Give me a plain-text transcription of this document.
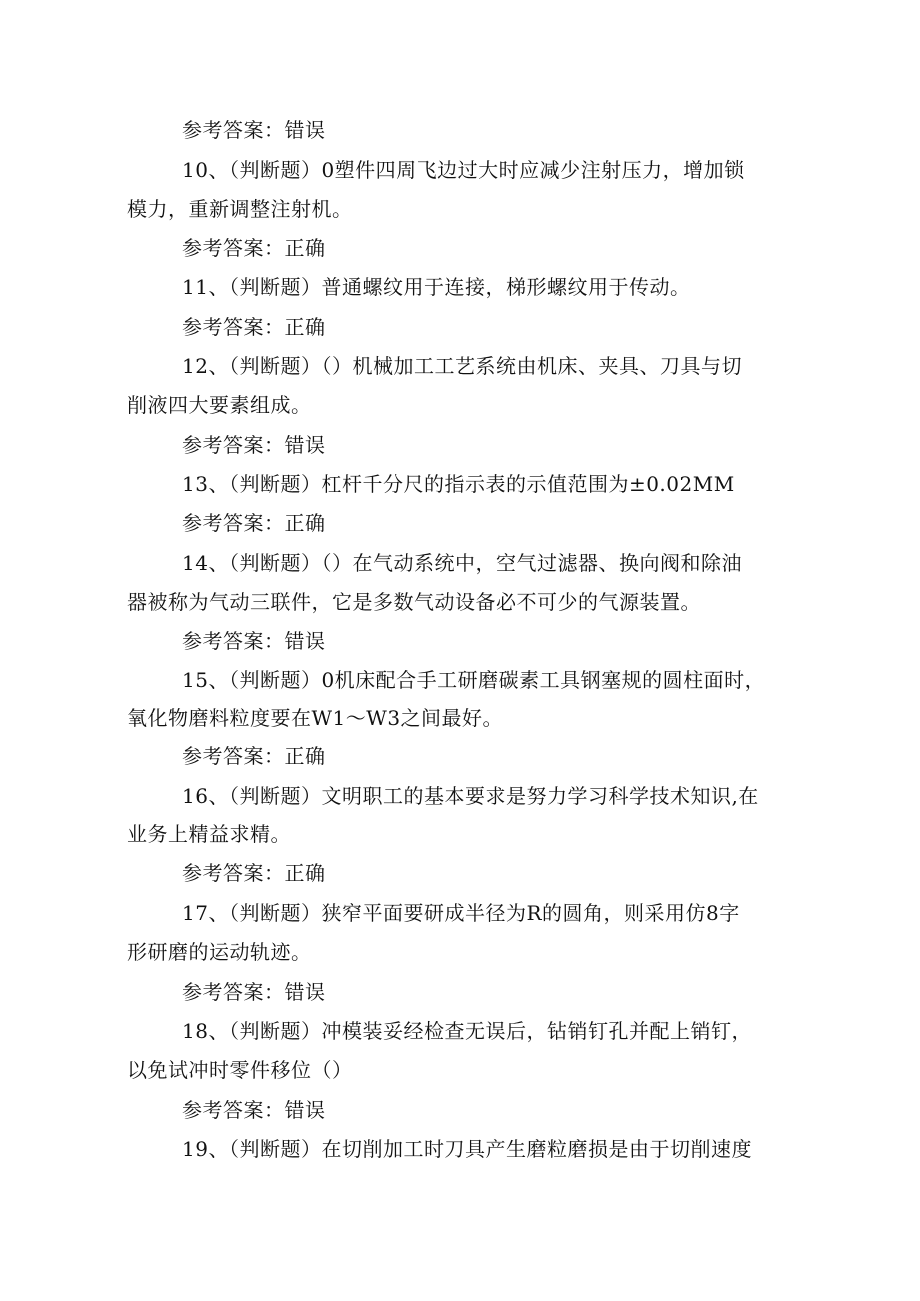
参考答案：错误
10、（判断题）0塑件四周飞边过大时应减少注射压力，增加锁
模力，重新调整注射机。
参考答案：正确
11、（判断题）普通螺纹用于连接，梯形螺纹用于传动。
参考答案：正确
12、（判断题）（）机械加工工艺系统由机床、夹具、刀具与切
削液四大要素组成。
参考答案：错误
13、（判断题）杠杆千分尺的指示表的示值范围为±0.02MM
参考答案：正确
14、（判断题）（）在气动系统中，空气过滤器、换向阀和除油
器被称为气动三联件，它是多数气动设备必不可少的气源装置。
参考答案：错误
15、（判断题）0机床配合手工研磨碳素工具钢塞规的圆柱面时，
氧化物磨料粒度要在W1～W3之间最好。
参考答案：正确
16、（判断题）文明职工的基本要求是努力学习科学技术知识,在
业务上精益求精。
参考答案：正确
17、（判断题）狭窄平面要研成半径为R的圆角，则采用仿8字
形研磨的运动轨迹。
参考答案：错误
18、（判断题）冲模装妥经检查无误后，钻销钉孔并配上销钉，
以免试冲时零件移位（）
参考答案：错误
19、（判断题）在切削加工时刀具产生磨粒磨损是由于切削速度
